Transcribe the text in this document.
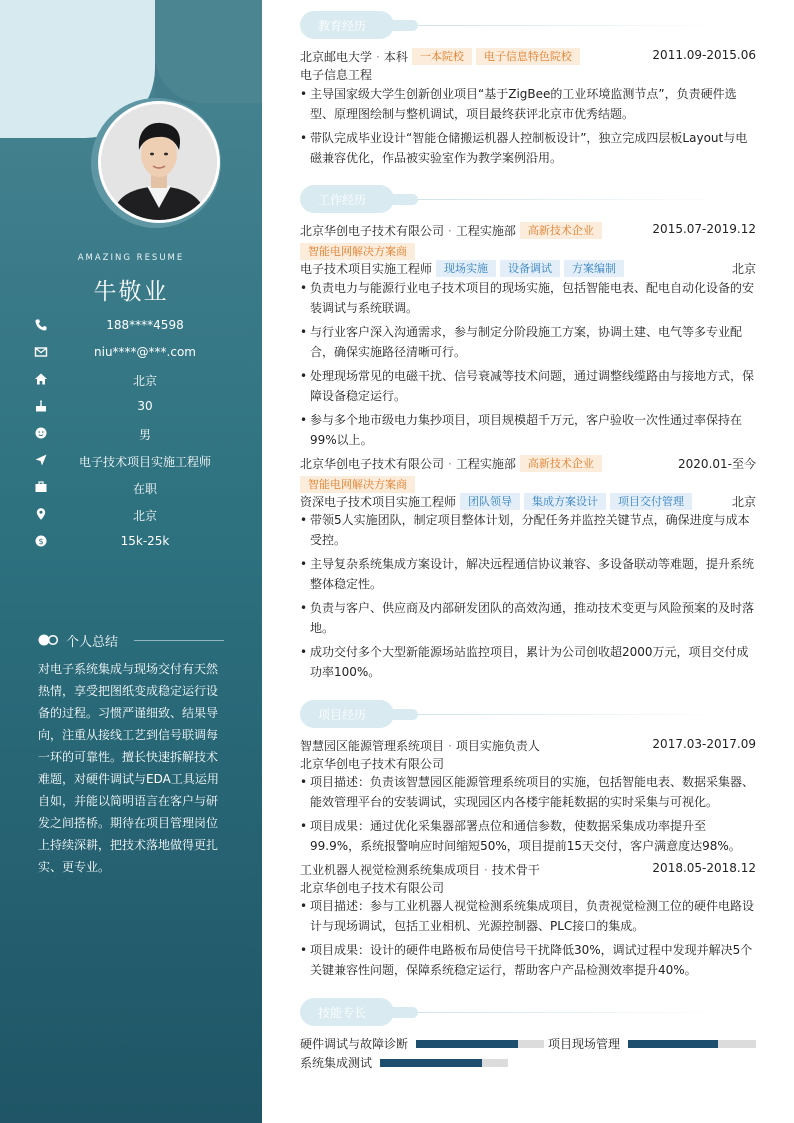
AMAZING RESUME
牛敬业
188****4598
niu****@***.com
北京
30
男
电子技术项目实施工程师
在职
北京
$	15k-25k
个人总结
对电子系统集成与现场交付有天然热情，享受把图纸变成稳定运行设备的过程。习惯严谨细致、结果导向，注重从接线工艺到信号联调每一环的可靠性。擅长快速拆解技术难题，对硬件调试与EDA工具运用自如，并能以简明语言在客户与研发之间搭桥。期待在项目管理岗位上持续深耕，把技术落地做得更扎实、更专业。
教育经历
北京邮电大学 · 本科 一本院校 电子信息特色院校	2011.09-2015.06
电子信息工程
• 主导国家级大学生创新创业项目“基于ZigBee的工业环境监测节点”，负责硬件选型、原理图绘制与整机调试，项目最终获评北京市优秀结题。
• 带队完成毕业设计“智能仓储搬运机器人控制板设计”，独立完成四层板Layout与电磁兼容优化，作品被实验室作为教学案例沿用。
工作经历
北京华创电子技术有限公司 · 工程实施部 高新技术企业	2015.07-2019.12
智能电网解决方案商
电子技术项目实施工程师 现场实施 设备调试 方案编制	北京
• 负责电力与能源行业电子技术项目的现场实施，包括智能电表、配电自动化设备的安装调试与系统联调。
• 与行业客户深入沟通需求，参与制定分阶段施工方案，协调土建、电气等多专业配合，确保实施路径清晰可行。
• 处理现场常见的电磁干扰、信号衰减等技术问题，通过调整线缆路由与接地方式，保障设备稳定运行。
• 参与多个地市级电力集抄项目，项目规模超千万元，客户验收一次性通过率保持在99%以上。
北京华创电子技术有限公司 · 工程实施部 高新技术企业	2020.01-至今
智能电网解决方案商
资深电子技术项目实施工程师 团队领导 集成方案设计 项目交付管理	北京
• 带领5人实施团队，制定项目整体计划，分配任务并监控关键节点，确保进度与成本受控。
• 主导复杂系统集成方案设计，解决远程通信协议兼容、多设备联动等难题，提升系统整体稳定性。
• 负责与客户、供应商及内部研发团队的高效沟通，推动技术变更与风险预案的及时落地。
• 成功交付多个大型新能源场站监控项目，累计为公司创收超2000万元，项目交付成功率100%。
项目经历
智慧园区能源管理系统项目 · 项目实施负责人	2017.03-2017.09
北京华创电子技术有限公司
• 项目描述：负责该智慧园区能源管理系统项目的实施，包括智能电表、数据采集器、能效管理平台的安装调试，实现园区内各楼宇能耗数据的实时采集与可视化。
• 项目成果：通过优化采集器部署点位和通信参数，使数据采集成功率提升至99.9%，系统报警响应时间缩短50%，项目提前15天交付，客户满意度达98%。
工业机器人视觉检测系统集成项目 · 技术骨干	2018.05-2018.12
北京华创电子技术有限公司
• 项目描述：参与工业机器人视觉检测系统集成项目，负责视觉检测工位的硬件电路设计与现场调试，包括工业相机、光源控制器、PLC接口的集成。
• 项目成果：设计的硬件电路板布局使信号干扰降低30%，调试过程中发现并解决5个关键兼容性问题，保障系统稳定运行，帮助客户产品检测效率提升40%。
技能专长
硬件调试与故障诊断	项目现场管理
系统集成测试
